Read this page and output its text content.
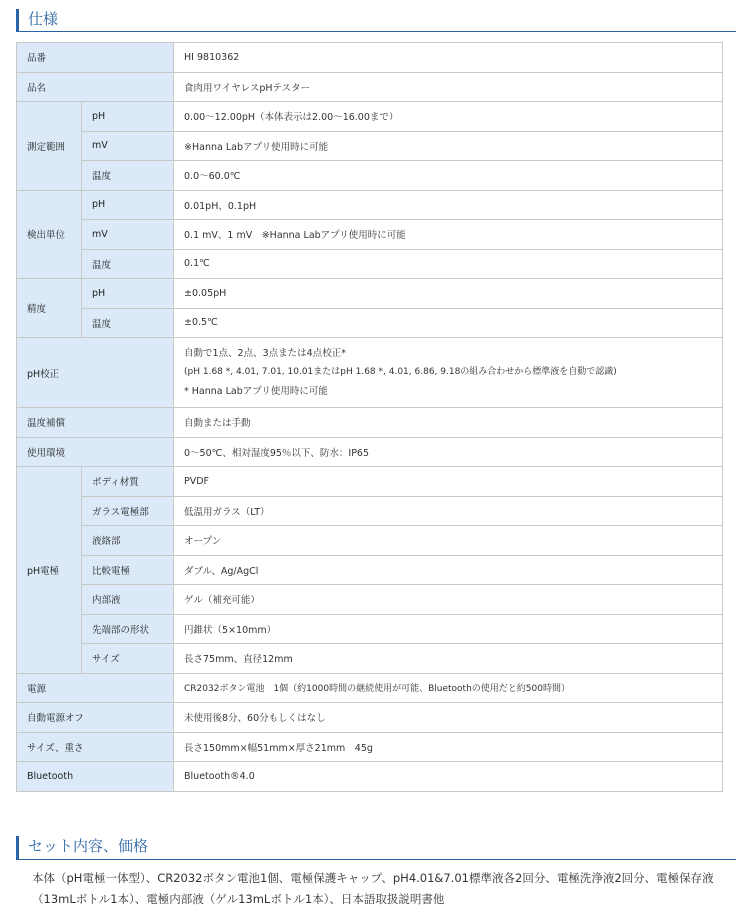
仕様
品番		HI 9810362
品名		食肉用ワイヤレスpHテスター
測定範囲	pH	0.00～12.00pH（本体表示は2.00～16.00まで）
	mV	※Hanna Labアプリ使用時に可能
	温度	0.0～60.0℃
検出単位	pH	0.01pH、0.1pH
	mV	0.1 mV、1 mV　※Hanna Labアプリ使用時に可能
	温度	0.1℃
精度	pH	±0.05pH
	温度	±0.5℃
pH校正		自動で1点、2点、3点または4点校正*
(pH 1.68 *, 4.01, 7.01, 10.01またはpH 1.68 *, 4.01, 6.86, 9.18の組み合わせから標準液を自動で認識)
* Hanna Labアプリ使用時に可能

温度補償		自動または手動
使用環境		0～50℃、相対湿度95％以下、防水：IP65
pH電極	ボディ材質	PVDF
	ガラス電極部	低温用ガラス（LT）
	液絡部	オープン
	比較電極	ダブル、Ag/AgCl
	内部液	ゲル（補充可能）
	先端部の形状	円錐状（5×10mm）
	サイズ	長さ75mm、直径12mm
電源		CR2032ボタン電池　1個（約1000時間の継続使用が可能、Bluetoothの使用だと約500時間）
自動電源オフ		未使用後8分、60分もしくはなし
サイズ、重さ		長さ150mm×幅51mm×厚さ21mm　45g
Bluetooth		Bluetooth®4.0
セット内容、価格
本体（pH電極一体型）、CR2032ボタン電池1個、電極保護キャップ、pH4.01&7.01標準液各2回分、電極洗浄液2回分、電極保存液（13mLボトル1本）、電極内部液（ゲル13mLボトル1本）、日本語取扱説明書他
